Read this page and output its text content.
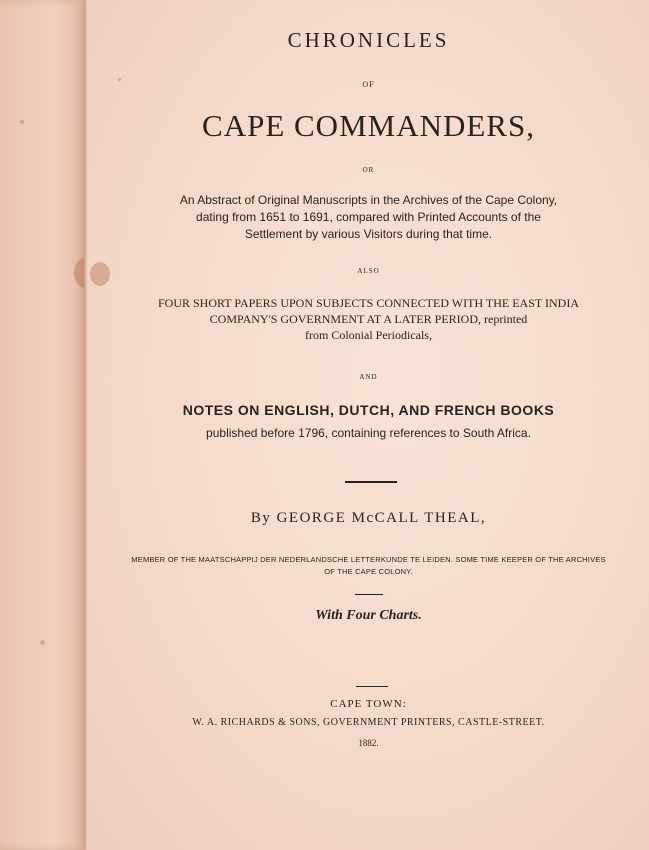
CHRONICLES
OF
CAPE COMMANDERS,
OR
An Abstract of Original Manuscripts in the Archives of the Cape Colony,
dating from 1651 to 1691, compared with Printed Accounts of the
Settlement by various Visitors during that time.
ALSO
FOUR SHORT PAPERS UPON SUBJECTS CONNECTED WITH THE EAST INDIA
COMPANY'S GOVERNMENT AT A LATER PERIOD, reprinted
from Colonial Periodicals,
AND
NOTES ON ENGLISH, DUTCH, AND FRENCH BOOKS
published before 1796, containing references to South Africa.
By GEORGE McCALL THEAL,
MEMBER OF THE MAATSCHAPPIJ DER NEDERLANDSCHE LETTERKUNDE TE LEIDEN. SOME TIME KEEPER OF THE ARCHIVES
OF THE CAPE COLONY.
With Four Charts.
CAPE TOWN:
W. A. RICHARDS & SONS, GOVERNMENT PRINTERS, CASTLE-STREET.
1882.
